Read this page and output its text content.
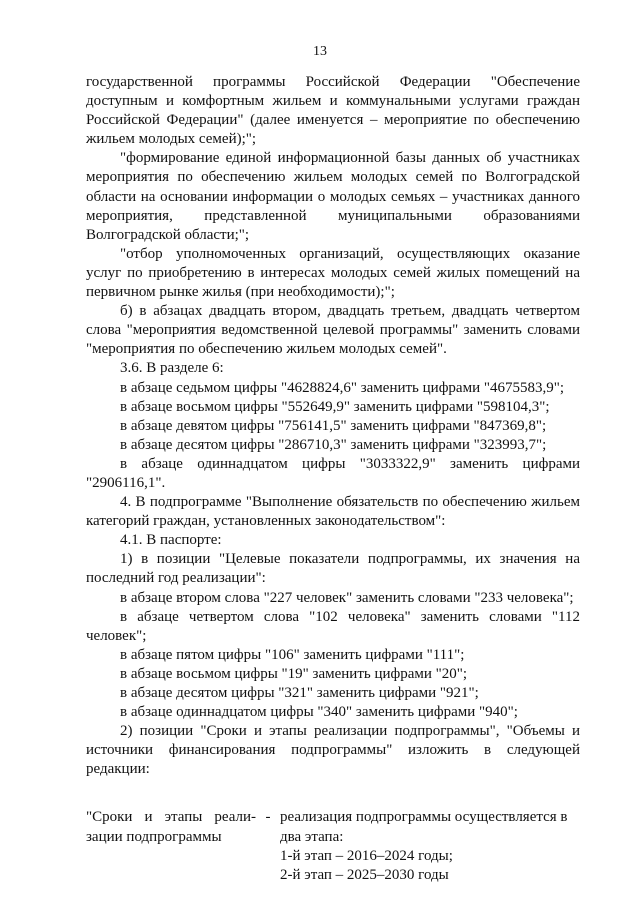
13

государственной программы Российской Федерации "Обеспечение доступным и комфортным жильем и коммунальными услугами граждан Российской Федерации" (далее именуется – мероприятие по обеспечению жильем молодых семей);";

"формирование единой информационной базы данных об участниках мероприятия по обеспечению жильем молодых семей по Волгоградской области на основании информации о молодых семьях – участниках данного мероприятия, представленной муниципальными образованиями Волгоградской области;";

"отбор уполномоченных организаций, осуществляющих оказание услуг по приобретению в интересах молодых семей жилых помещений на первичном рынке жилья (при необходимости);";

б) в абзацах двадцать втором, двадцать третьем, двадцать четвертом слова "мероприятия ведомственной целевой программы" заменить словами "мероприятия по обеспечению жильем молодых семей".

3.6. В разделе 6:

в абзаце седьмом цифры "4628824,6" заменить цифрами "4675583,9";

в абзаце восьмом цифры "552649,9" заменить цифрами "598104,3";

в абзаце девятом цифры "756141,5" заменить цифрами "847369,8";

в абзаце десятом цифры "286710,3" заменить цифрами "323993,7";

в абзаце одиннадцатом цифры "3033322,9" заменить цифрами "2906116,1".

4. В подпрограмме "Выполнение обязательств по обеспечению жильем категорий граждан, установленных законодательством":

4.1. В паспорте:

1) в позиции "Целевые показатели подпрограммы, их значения на последний год реализации":

в абзаце втором слова "227 человек" заменить словами "233 человека";

в абзаце четвертом слова "102 человека" заменить словами "112 человек";

в абзаце пятом цифры "106" заменить цифрами "111";

в абзаце восьмом цифры "19" заменить цифрами "20";

в абзаце десятом цифры "321" заменить цифрами "921";

в абзаце одиннадцатом цифры "340" заменить цифрами "940";

2) позиции "Сроки и этапы реализации подпрограммы", "Объемы и источники финансирования подпрограммы" изложить в следующей редакции:

"Сроки и этапы реали-зации подпрограммы
- реализация подпрограммы осуществляется в два этапа:
1-й этап – 2016–2024 годы;
2-й этап – 2025–2030 годы
